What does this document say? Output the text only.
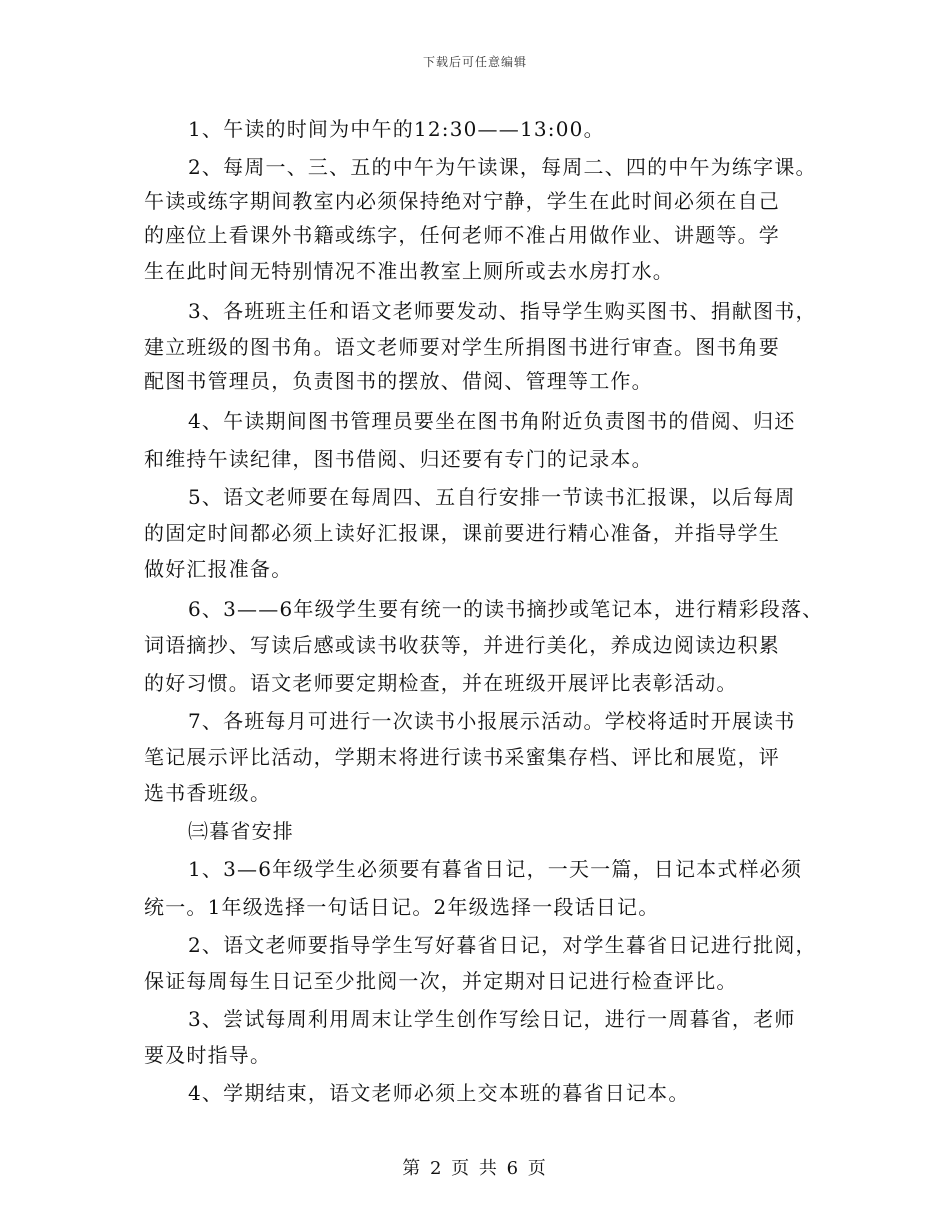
下载后可任意编辑
1、午读的时间为中午的12:30——13:00。
2、每周一、三、五的中午为午读课，每周二、四的中午为练字课。
午读或练字期间教室内必须保持绝对宁静，学生在此时间必须在自己
的座位上看课外书籍或练字，任何老师不准占用做作业、讲题等。学
生在此时间无特别情况不准出教室上厕所或去水房打水。
3、各班班主任和语文老师要发动、指导学生购买图书、捐献图书，
建立班级的图书角。语文老师要对学生所捐图书进行审查。图书角要
配图书管理员，负责图书的摆放、借阅、管理等工作。
4、午读期间图书管理员要坐在图书角附近负责图书的借阅、归还
和维持午读纪律，图书借阅、归还要有专门的记录本。
5、语文老师要在每周四、五自行安排一节读书汇报课，以后每周
的固定时间都必须上读好汇报课，课前要进行精心准备，并指导学生
做好汇报准备。
6、3——6年级学生要有统一的读书摘抄或笔记本，进行精彩段落、
词语摘抄、写读后感或读书收获等，并进行美化，养成边阅读边积累
的好习惯。语文老师要定期检查，并在班级开展评比表彰活动。
7、各班每月可进行一次读书小报展示活动。学校将适时开展读书
笔记展示评比活动，学期末将进行读书采蜜集存档、评比和展览，评
选书香班级。
㈢暮省安排
1、3—6年级学生必须要有暮省日记，一天一篇，日记本式样必须
统一。1年级选择一句话日记。2年级选择一段话日记。
2、语文老师要指导学生写好暮省日记，对学生暮省日记进行批阅，
保证每周每生日记至少批阅一次，并定期对日记进行检查评比。
3、尝试每周利用周末让学生创作写绘日记，进行一周暮省，老师
要及时指导。
4、学期结束，语文老师必须上交本班的暮省日记本。
第 2 页 共 6 页
